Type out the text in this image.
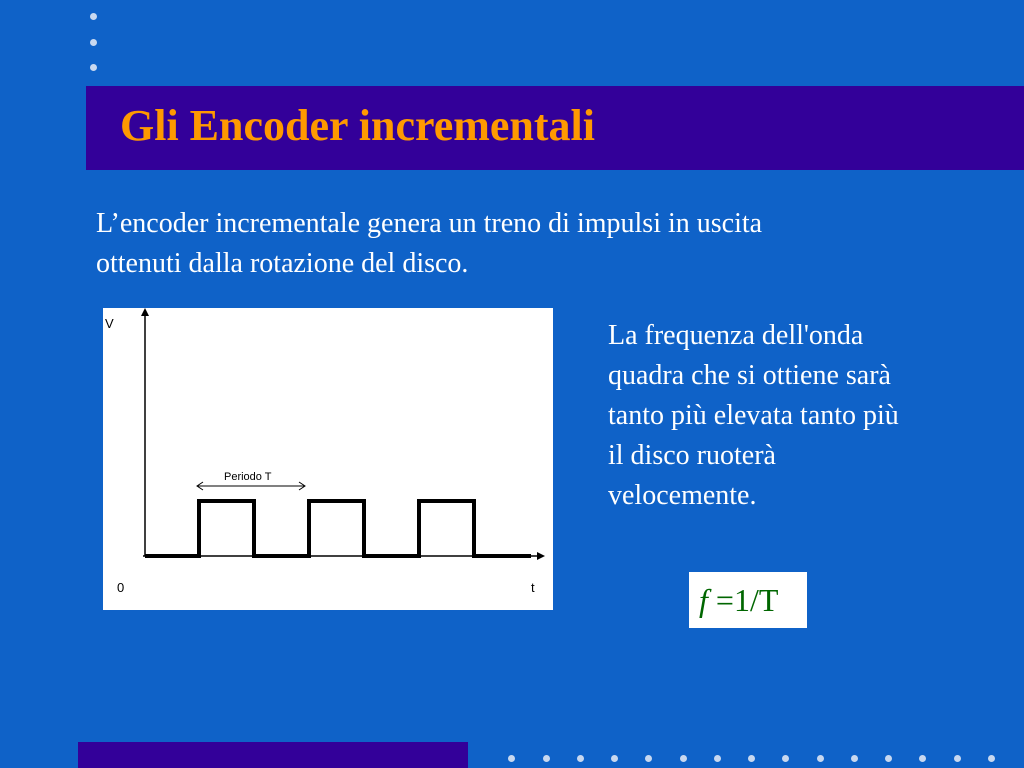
Gli Encoder incrementali
L’encoder incrementale genera un treno di impulsi in uscita
ottenuti dalla rotazione del disco.
Periodo T
V
0	t
La frequenza dell'onda
quadra che si ottiene sarà
tanto più elevata tanto più
il disco ruoterà
velocemente.
f =1/T
